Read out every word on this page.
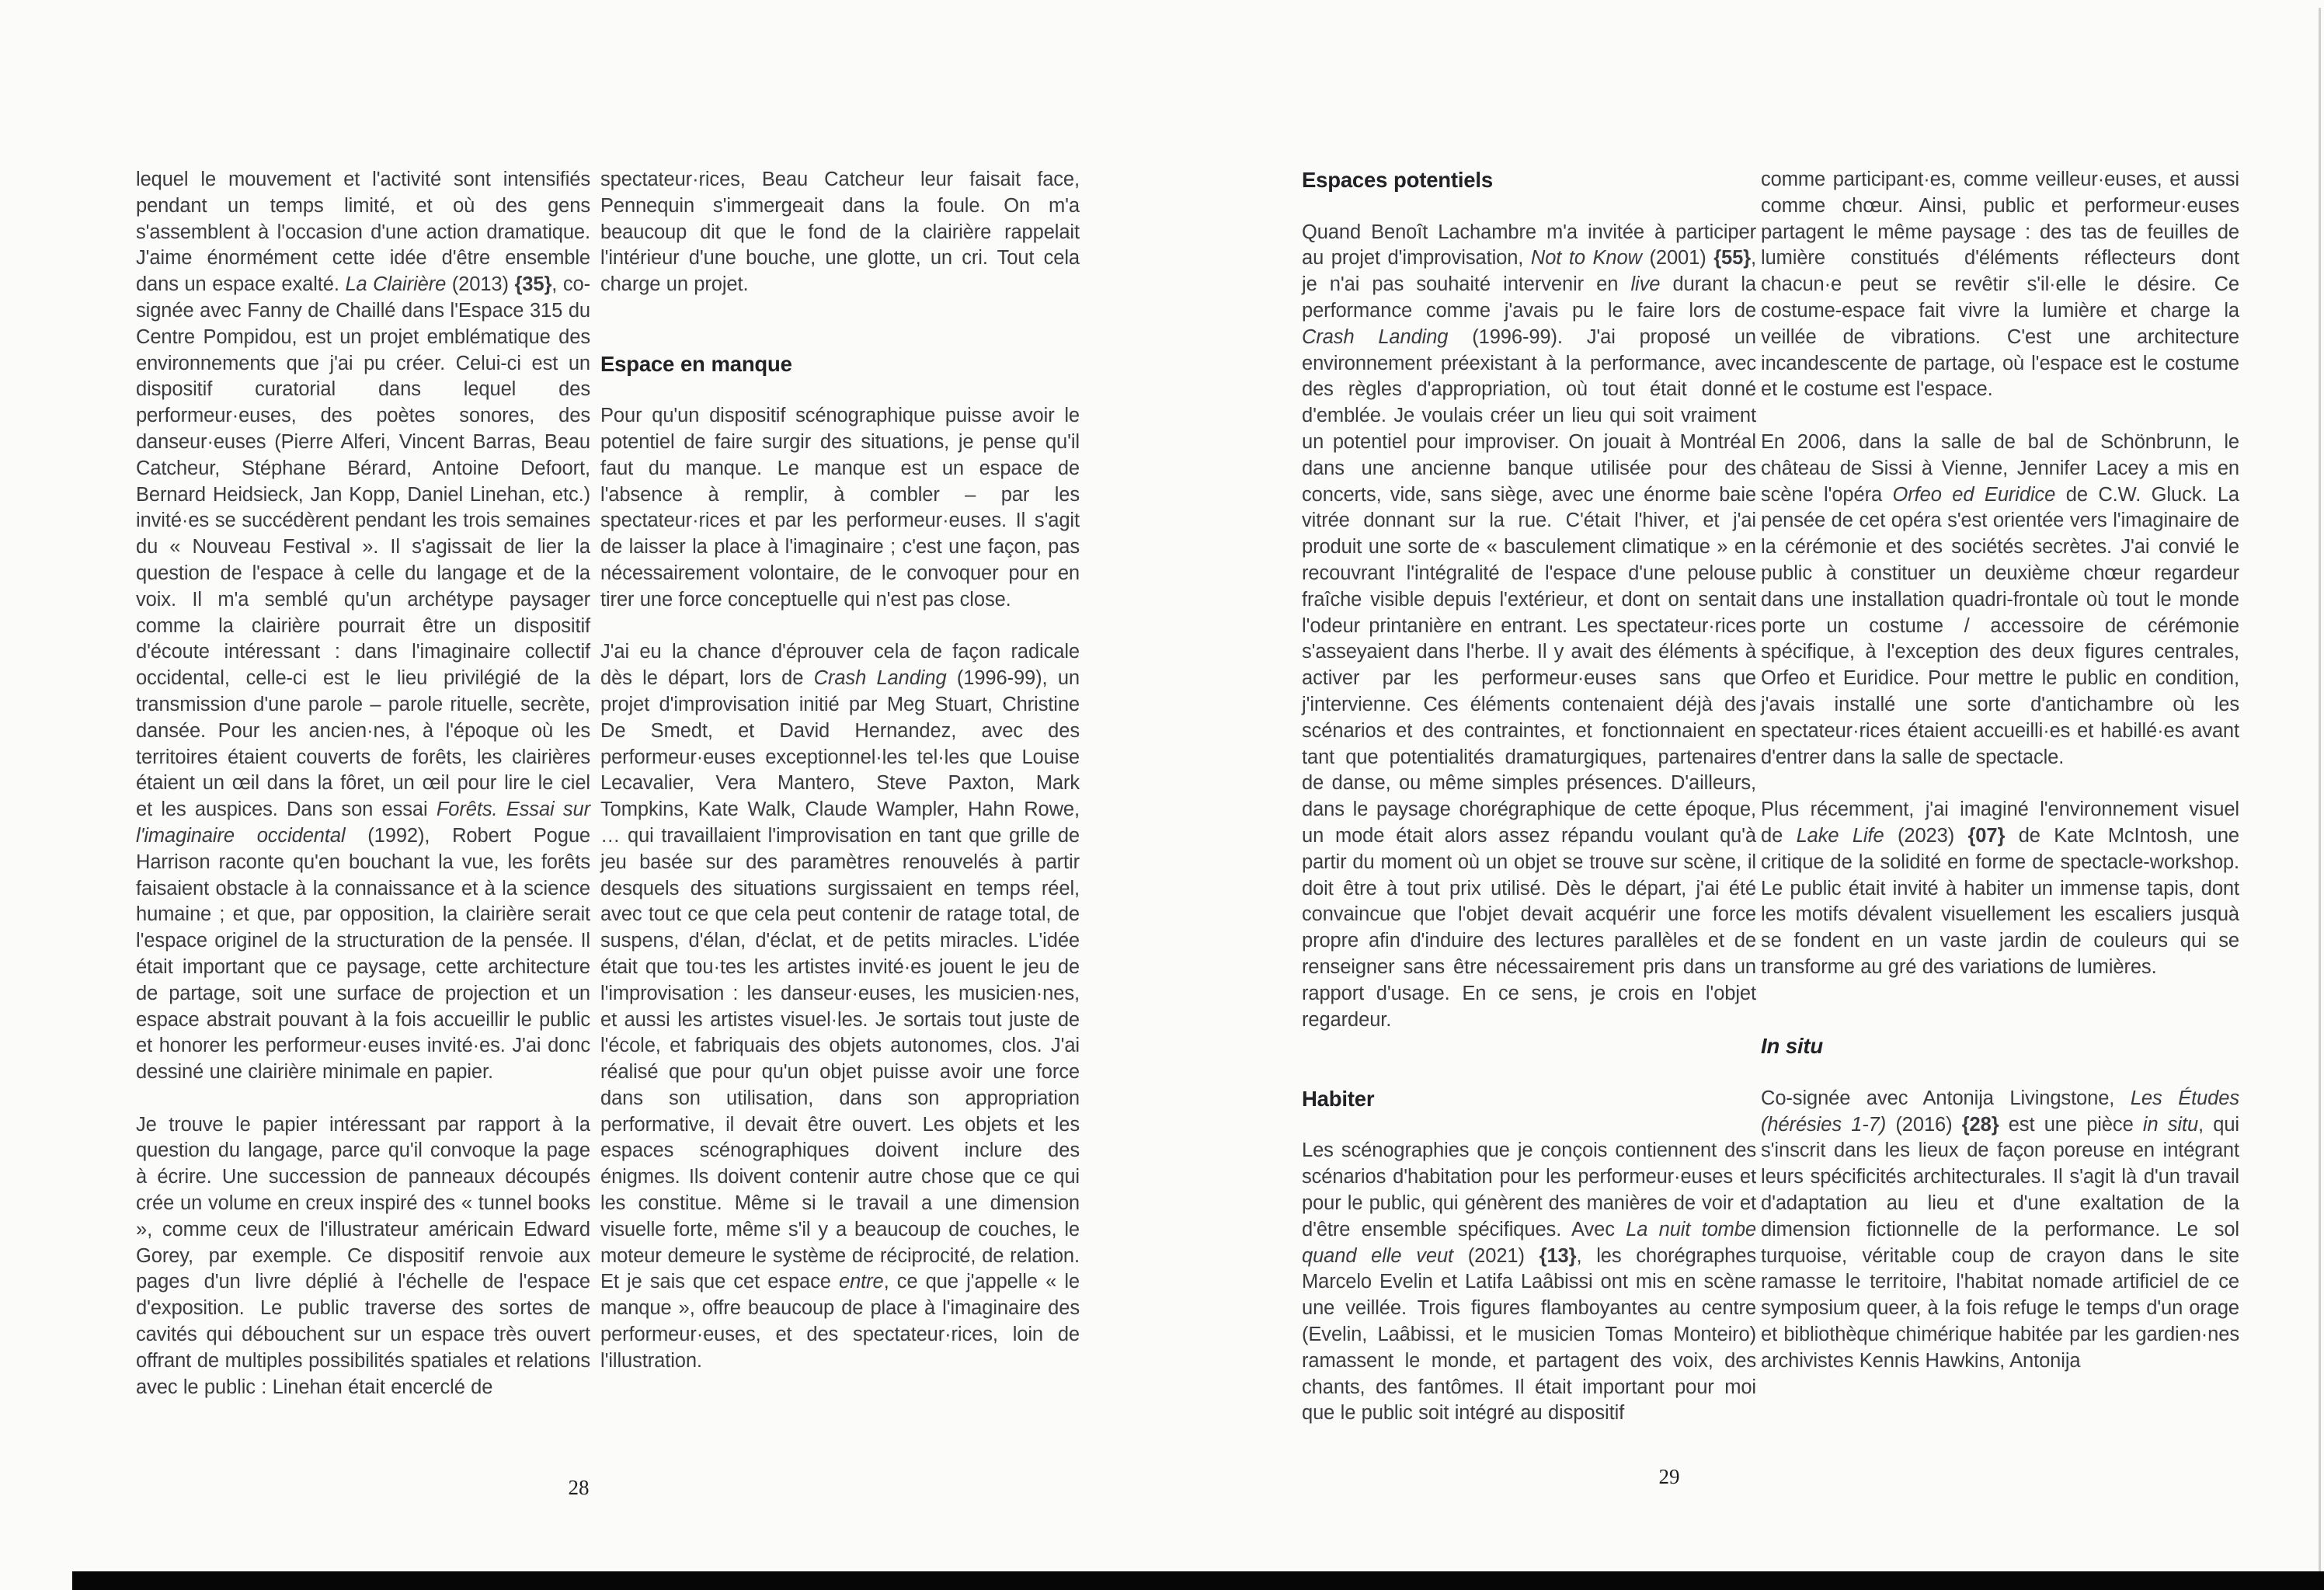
lequel le mouvement et l'activité sont intensifiés pendant un temps limité, et où des gens s'assemblent à l'occasion d'une action dramatique. J'aime énormément cette idée d'être ensemble dans un espace exalté. La Clairière (2013) {35}, co-signée avec Fanny de Chaillé dans l'Espace 315 du Centre Pompidou, est un projet emblématique des environnements que j'ai pu créer. Celui-ci est un dispositif curatorial dans lequel des performeur·euses, des poètes sonores, des danseur·euses (Pierre Alferi, Vincent Barras, Beau Catcheur, Stéphane Bérard, Antoine Defoort, Bernard Heidsieck, Jan Kopp, Daniel Linehan, etc.) invité·es se succédèrent pendant les trois semaines du « Nouveau Festival ». Il s'agissait de lier la question de l'espace à celle du langage et de la voix. Il m'a semblé qu'un archétype paysager comme la clairière pourrait être un dispositif d'écoute intéressant : dans l'imaginaire collectif occidental, celle-ci est le lieu privilégié de la transmission d'une parole – parole rituelle, secrète, dansée. Pour les ancien·nes, à l'époque où les territoires étaient couverts de forêts, les clairières étaient un œil dans la fôret, un œil pour lire le ciel et les auspices. Dans son essai Forêts. Essai sur l'imaginaire occidental (1992), Robert Pogue Harrison raconte qu'en bouchant la vue, les forêts faisaient obstacle à la connaissance et à la science humaine ; et que, par opposition, la clairière serait l'espace originel de la structuration de la pensée. Il était important que ce paysage, cette architecture de partage, soit une surface de projection et un espace abstrait pouvant à la fois accueillir le public et honorer les performeur·euses invité·es. J'ai donc dessiné une clairière minimale en papier.

Je trouve le papier intéressant par rapport à la question du langage, parce qu'il convoque la page à écrire. Une succession de panneaux découpés crée un volume en creux inspiré des « tunnel books », comme ceux de l'illustrateur américain Edward Gorey, par exemple. Ce dispositif renvoie aux pages d'un livre déplié à l'échelle de l'espace d'exposition. Le public traverse des sortes de cavités qui débouchent sur un espace très ouvert offrant de multiples possibilités spatiales et relations avec le public : Linehan était encerclé de

spectateur·rices, Beau Catcheur leur faisait face, Pennequin s'immergeait dans la foule. On m'a beaucoup dit que le fond de la clairière rappelait l'intérieur d'une bouche, une glotte, un cri. Tout cela charge un projet.

Espace en manque

Pour qu'un dispositif scénographique puisse avoir le potentiel de faire surgir des situations, je pense qu'il faut du manque. Le manque est un espace de l'absence à remplir, à combler – par les spectateur·rices et par les performeur·euses. Il s'agit de laisser la place à l'imaginaire ; c'est une façon, pas nécessairement volontaire, de le convoquer pour en tirer une force conceptuelle qui n'est pas close.

J'ai eu la chance d'éprouver cela de façon radicale dès le départ, lors de Crash Landing (1996-99), un projet d'improvisation initié par Meg Stuart, Christine De Smedt, et David Hernandez, avec des performeur·euses exceptionnel·les tel·les que Louise Lecavalier, Vera Mantero, Steve Paxton, Mark Tompkins, Kate Walk, Claude Wampler, Hahn Rowe, … qui travaillaient l'improvisation en tant que grille de jeu basée sur des paramètres renouvelés à partir desquels des situations surgissaient en temps réel, avec tout ce que cela peut contenir de ratage total, de suspens, d'élan, d'éclat, et de petits miracles. L'idée était que tou·tes les artistes invité·es jouent le jeu de l'improvisation : les danseur·euses, les musicien·nes, et aussi les artistes visuel·les. Je sortais tout juste de l'école, et fabriquais des objets autonomes, clos. J'ai réalisé que pour qu'un objet puisse avoir une force dans son utilisation, dans son appropriation performative, il devait être ouvert. Les objets et les espaces scénographiques doivent inclure des énigmes. Ils doivent contenir autre chose que ce qui les constitue. Même si le travail a une dimension visuelle forte, même s'il y a beaucoup de couches, le moteur demeure le système de réciprocité, de relation. Et je sais que cet espace entre, ce que j'appelle « le manque », offre beaucoup de place à l'imaginaire des performeur·euses, et des spectateur·rices, loin de l'illustration.

28
Espaces potentiels

Quand Benoît Lachambre m'a invitée à participer au projet d'improvisation, Not to Know (2001) {55}, je n'ai pas souhaité intervenir en live durant la performance comme j'avais pu le faire lors de Crash Landing (1996-99). J'ai proposé un environnement préexistant à la performance, avec des règles d'appropriation, où tout était donné d'emblée. Je voulais créer un lieu qui soit vraiment un potentiel pour improviser. On jouait à Montréal dans une ancienne banque utilisée pour des concerts, vide, sans siège, avec une énorme baie vitrée donnant sur la rue. C'était l'hiver, et j'ai produit une sorte de « basculement climatique » en recouvrant l'intégralité de l'espace d'une pelouse fraîche visible depuis l'extérieur, et dont on sentait l'odeur printanière en entrant. Les spectateur·rices s'asseyaient dans l'herbe. Il y avait des éléments à activer par les performeur·euses sans que j'intervienne. Ces éléments contenaient déjà des scénarios et des contraintes, et fonctionnaient en tant que potentialités dramaturgiques, partenaires de danse, ou même simples présences. D'ailleurs, dans le paysage chorégraphique de cette époque, un mode était alors assez répandu voulant qu'à partir du moment où un objet se trouve sur scène, il doit être à tout prix utilisé. Dès le départ, j'ai été convaincue que l'objet devait acquérir une force propre afin d'induire des lectures parallèles et de renseigner sans être nécessairement pris dans un rapport d'usage. En ce sens, je crois en l'objet regardeur.

Habiter

Les scénographies que je conçois contiennent des scénarios d'habitation pour les performeur·euses et pour le public, qui génèrent des manières de voir et d'être ensemble spécifiques. Avec La nuit tombe quand elle veut (2021) {13}, les chorégraphes Marcelo Evelin et Latifa Laâbissi ont mis en scène une veillée. Trois figures flamboyantes au centre (Evelin, Laâbissi, et le musicien Tomas Monteiro) ramassent le monde, et partagent des voix, des chants, des fantômes. Il était important pour moi que le public soit intégré au dispositif

comme participant·es, comme veilleur·euses, et aussi comme chœur. Ainsi, public et performeur·euses partagent le même paysage : des tas de feuilles de lumière constitués d'éléments réflecteurs dont chacun·e peut se revêtir s'il·elle le désire. Ce costume-espace fait vivre la lumière et charge la veillée de vibrations. C'est une architecture incandescente de partage, où l'espace est le costume et le costume est l'espace.

En 2006, dans la salle de bal de Schönbrunn, le château de Sissi à Vienne, Jennifer Lacey a mis en scène l'opéra Orfeo ed Euridice de C.W. Gluck. La pensée de cet opéra s'est orientée vers l'imaginaire de la cérémonie et des sociétés secrètes. J'ai convié le public à constituer un deuxième chœur regardeur dans une installation quadri-frontale où tout le monde porte un costume / accessoire de cérémonie spécifique, à l'exception des deux figures centrales, Orfeo et Euridice. Pour mettre le public en condition, j'avais installé une sorte d'antichambre où les spectateur·rices étaient accueilli·es et habillé·es avant d'entrer dans la salle de spectacle.

Plus récemment, j'ai imaginé l'environnement visuel de Lake Life (2023) {07} de Kate McIntosh, une critique de la solidité en forme de spectacle-workshop. Le public était invité à habiter un immense tapis, dont les motifs dévalent visuellement les escaliers jusquà se fondent en un vaste jardin de couleurs qui se transforme au gré des variations de lumières.

In situ

Co-signée avec Antonija Livingstone, Les Études (hérésies 1-7) (2016) {28} est une pièce in situ, qui s'inscrit dans les lieux de façon poreuse en intégrant leurs spécificités architecturales. Il s'agit là d'un travail d'adaptation au lieu et d'une exaltation de la dimension fictionnelle de la performance. Le sol turquoise, véritable coup de crayon dans le site ramasse le territoire, l'habitat nomade artificiel de ce symposium queer, à la fois refuge le temps d'un orage et bibliothèque chimérique habitée par les gardien·nes archivistes Kennis Hawkins, Antonija

29
